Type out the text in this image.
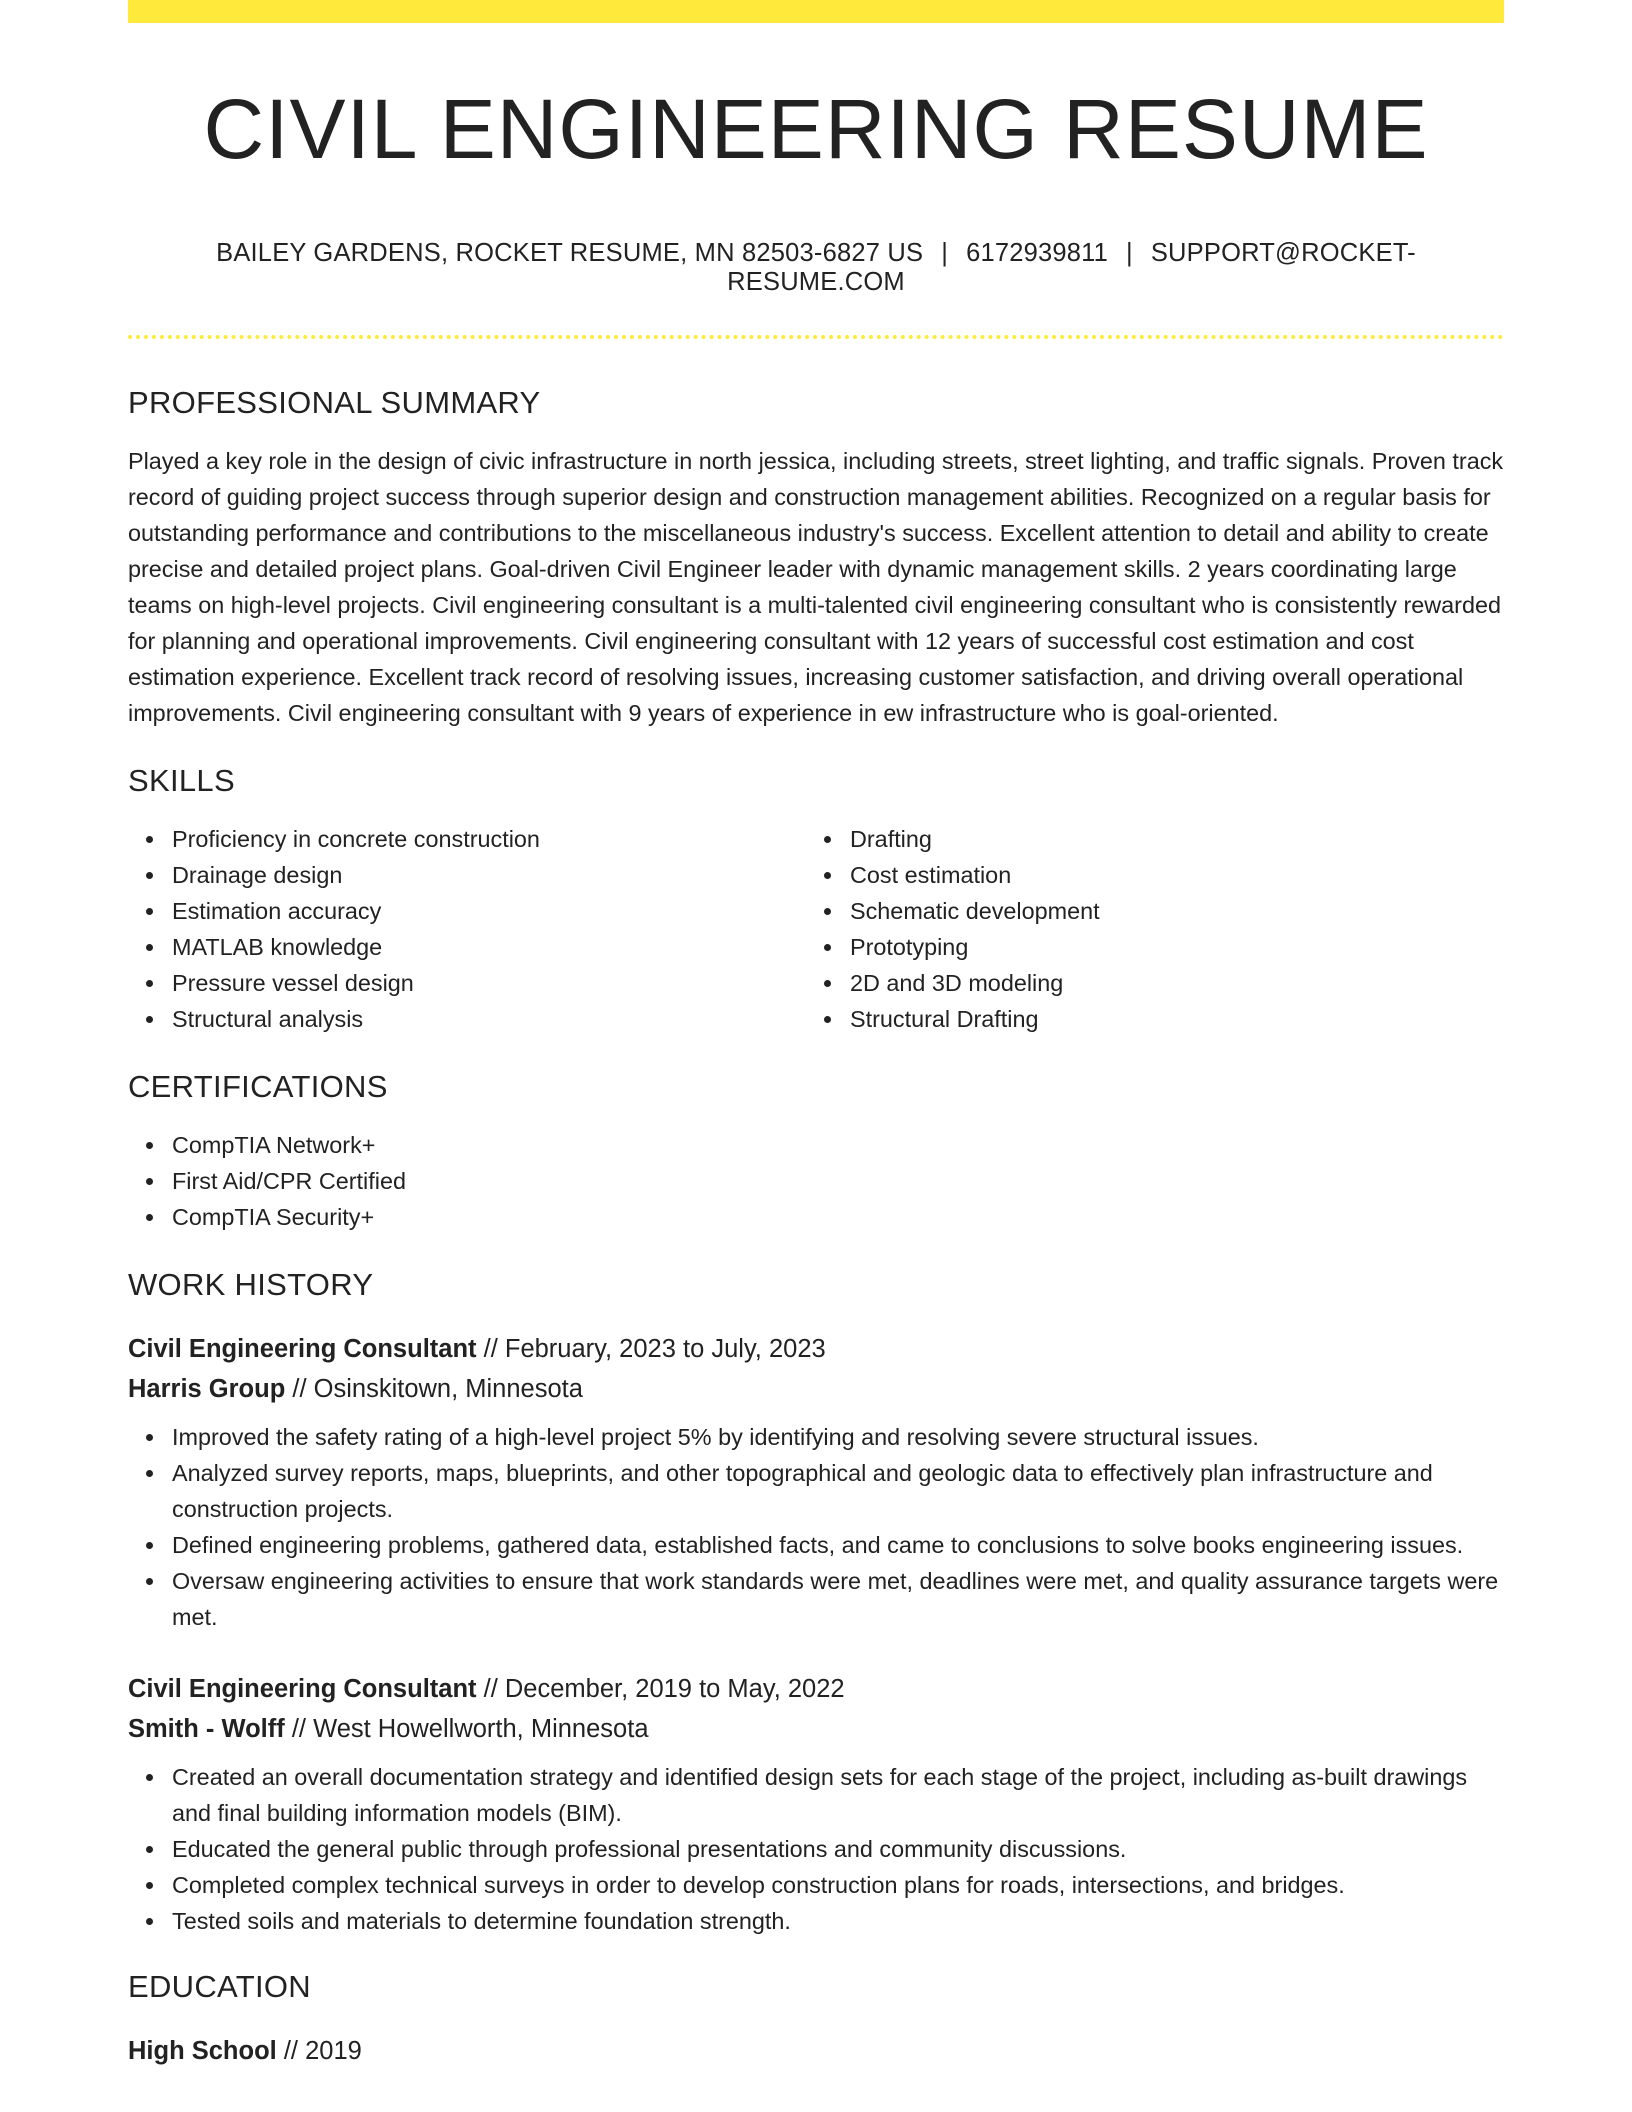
CIVIL ENGINEERING RESUME
BAILEY GARDENS, ROCKET RESUME, MN 82503-6827 US | 6172939811 | SUPPORT@ROCKET-RESUME.COM
PROFESSIONAL SUMMARY
Played a key role in the design of civic infrastructure in north jessica, including streets, street lighting, and traffic signals. Proven track record of guiding project success through superior design and construction management abilities. Recognized on a regular basis for outstanding performance and contributions to the miscellaneous industry's success. Excellent attention to detail and ability to create precise and detailed project plans. Goal-driven Civil Engineer leader with dynamic management skills. 2 years coordinating large teams on high-level projects. Civil engineering consultant is a multi-talented civil engineering consultant who is consistently rewarded for planning and operational improvements. Civil engineering consultant with 12 years of successful cost estimation and cost estimation experience. Excellent track record of resolving issues, increasing customer satisfaction, and driving overall operational improvements. Civil engineering consultant with 9 years of experience in ew infrastructure who is goal-oriented.
SKILLS
Proficiency in concrete construction
Drainage design
Estimation accuracy
MATLAB knowledge
Pressure vessel design
Structural analysis
Drafting
Cost estimation
Schematic development
Prototyping
2D and 3D modeling
Structural Drafting
CERTIFICATIONS
CompTIA Network+
First Aid/CPR Certified
CompTIA Security+
WORK HISTORY
Civil Engineering Consultant // February, 2023 to July, 2023
Harris Group // Osinskitown, Minnesota
Improved the safety rating of a high-level project 5% by identifying and resolving severe structural issues.
Analyzed survey reports, maps, blueprints, and other topographical and geologic data to effectively plan infrastructure and construction projects.
Defined engineering problems, gathered data, established facts, and came to conclusions to solve books engineering issues.
Oversaw engineering activities to ensure that work standards were met, deadlines were met, and quality assurance targets were met.
Civil Engineering Consultant // December, 2019 to May, 2022
Smith - Wolff // West Howellworth, Minnesota
Created an overall documentation strategy and identified design sets for each stage of the project, including as-built drawings and final building information models (BIM).
Educated the general public through professional presentations and community discussions.
Completed complex technical surveys in order to develop construction plans for roads, intersections, and bridges.
Tested soils and materials to determine foundation strength.
EDUCATION
High School // 2019
